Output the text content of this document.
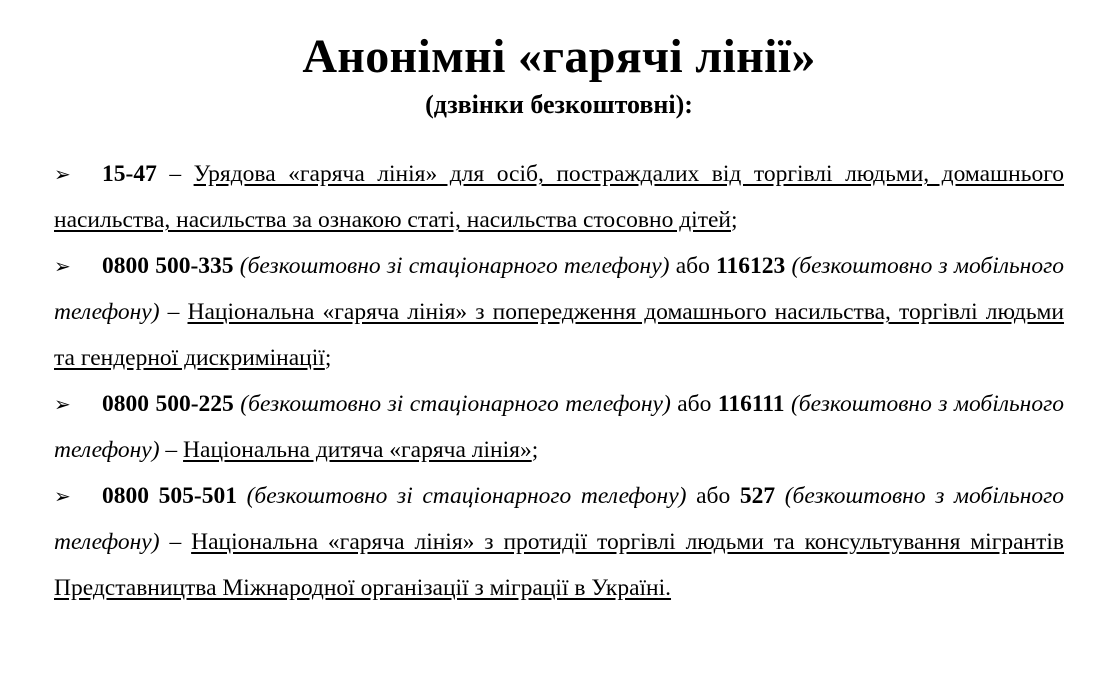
Анонімні «гарячі лінії»
(дзвінки безкоштовні):
➢ 15-47 – Урядова «гаряча лінія» для осіб, постраждалих від торгівлі людьми, домашнього насильства, насильства за ознакою статі, насильства стосовно дітей;
➢ 0800 500-335 (безкоштовно зі стаціонарного телефону) або 116123 (безкоштовно з мобільного телефону) – Національна «гаряча лінія» з попередження домашнього насильства, торгівлі людьми та гендерної дискримінації;
➢ 0800 500-225 (безкоштовно зі стаціонарного телефону) або 116111 (безкоштовно з мобільного телефону) – Національна дитяча «гаряча лінія»;
➢ 0800 505-501 (безкоштовно зі стаціонарного телефону) або 527 (безкоштовно з мобільного телефону) – Національна «гаряча лінія» з протидії торгівлі людьми та консультування мігрантів Представництва Міжнародної організації з міграції в Україні.
